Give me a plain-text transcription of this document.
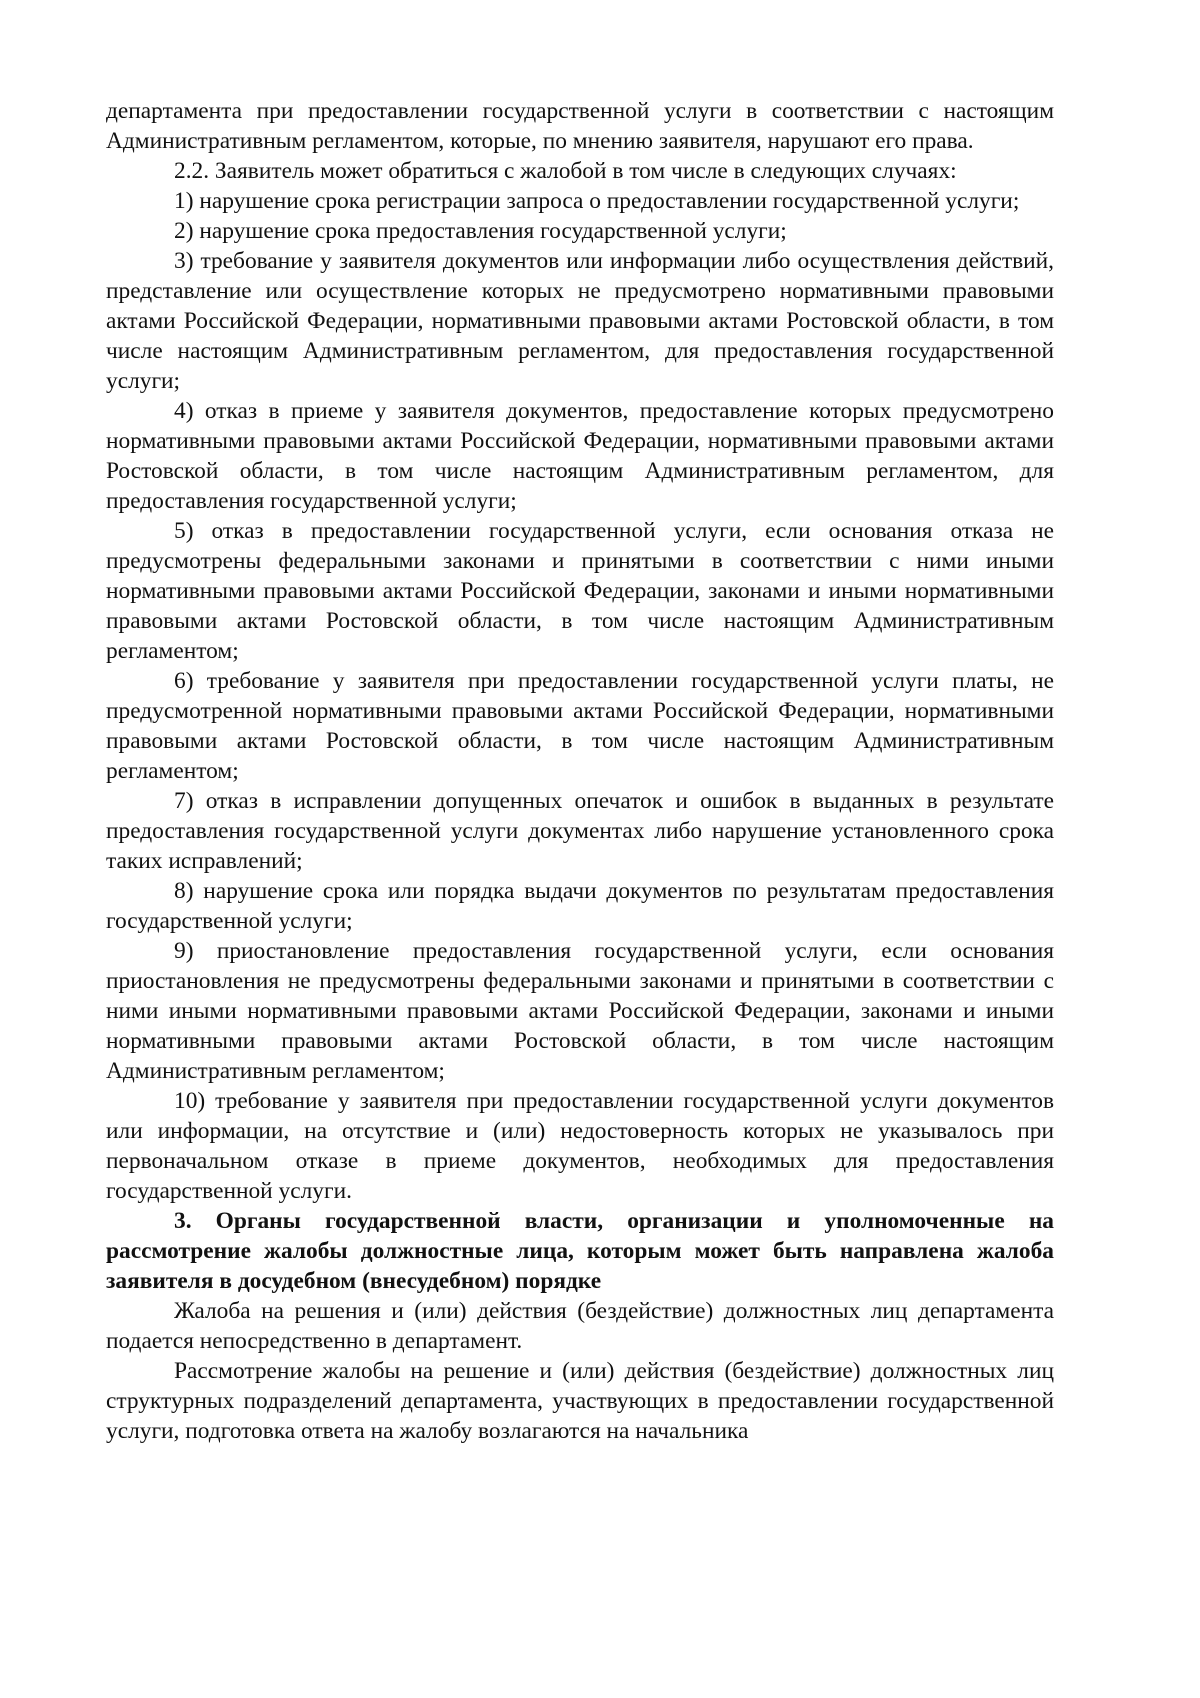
департамента при предоставлении государственной услуги в соответствии с настоящим Административным регламентом, которые, по мнению заявителя, нарушают его права.

2.2. Заявитель может обратиться с жалобой в том числе в следующих случаях:

1) нарушение срока регистрации запроса о предоставлении государственной услуги;

2) нарушение срока предоставления государственной услуги;

3) требование у заявителя документов или информации либо осуществления действий, представление или осуществление которых не предусмотрено нормативными правовыми актами Российской Федерации, нормативными правовыми актами Ростовской области, в том числе настоящим Административным регламентом, для предоставления государственной услуги;

4) отказ в приеме у заявителя документов, предоставление которых предусмотрено нормативными правовыми актами Российской Федерации, нормативными правовыми актами Ростовской области, в том числе настоящим Административным регламентом, для предоставления государственной услуги;

5) отказ в предоставлении государственной услуги, если основания отказа не предусмотрены федеральными законами и принятыми в соответствии с ними иными нормативными правовыми актами Российской Федерации, законами и иными нормативными правовыми актами Ростовской области, в том числе настоящим Административным регламентом;

6) требование у заявителя при предоставлении государственной услуги платы, не предусмотренной нормативными правовыми актами Российской Федерации, нормативными правовыми актами Ростовской области, в том числе настоящим Административным регламентом;

7) отказ в исправлении допущенных опечаток и ошибок в выданных в результате предоставления государственной услуги документах либо нарушение установленного срока таких исправлений;

8) нарушение срока или порядка выдачи документов по результатам предоставления государственной услуги;

9) приостановление предоставления государственной услуги, если основания приостановления не предусмотрены федеральными законами и принятыми в соответствии с ними иными нормативными правовыми актами Российской Федерации, законами и иными нормативными правовыми актами Ростовской области, в том числе настоящим Административным регламентом;

10) требование у заявителя при предоставлении государственной услуги документов или информации, на отсутствие и (или) недостоверность которых не указывалось при первоначальном отказе в приеме документов, необходимых для предоставления государственной услуги.

3. Органы государственной власти, организации и уполномоченные на рассмотрение жалобы должностные лица, которым может быть направлена жалоба заявителя в досудебном (внесудебном) порядке

Жалоба на решения и (или) действия (бездействие) должностных лиц департамента подается непосредственно в департамент.

Рассмотрение жалобы на решение и (или) действия (бездействие) должностных лиц структурных подразделений департамента, участвующих в предоставлении государственной услуги, подготовка ответа на жалобу возлагаются на начальника
